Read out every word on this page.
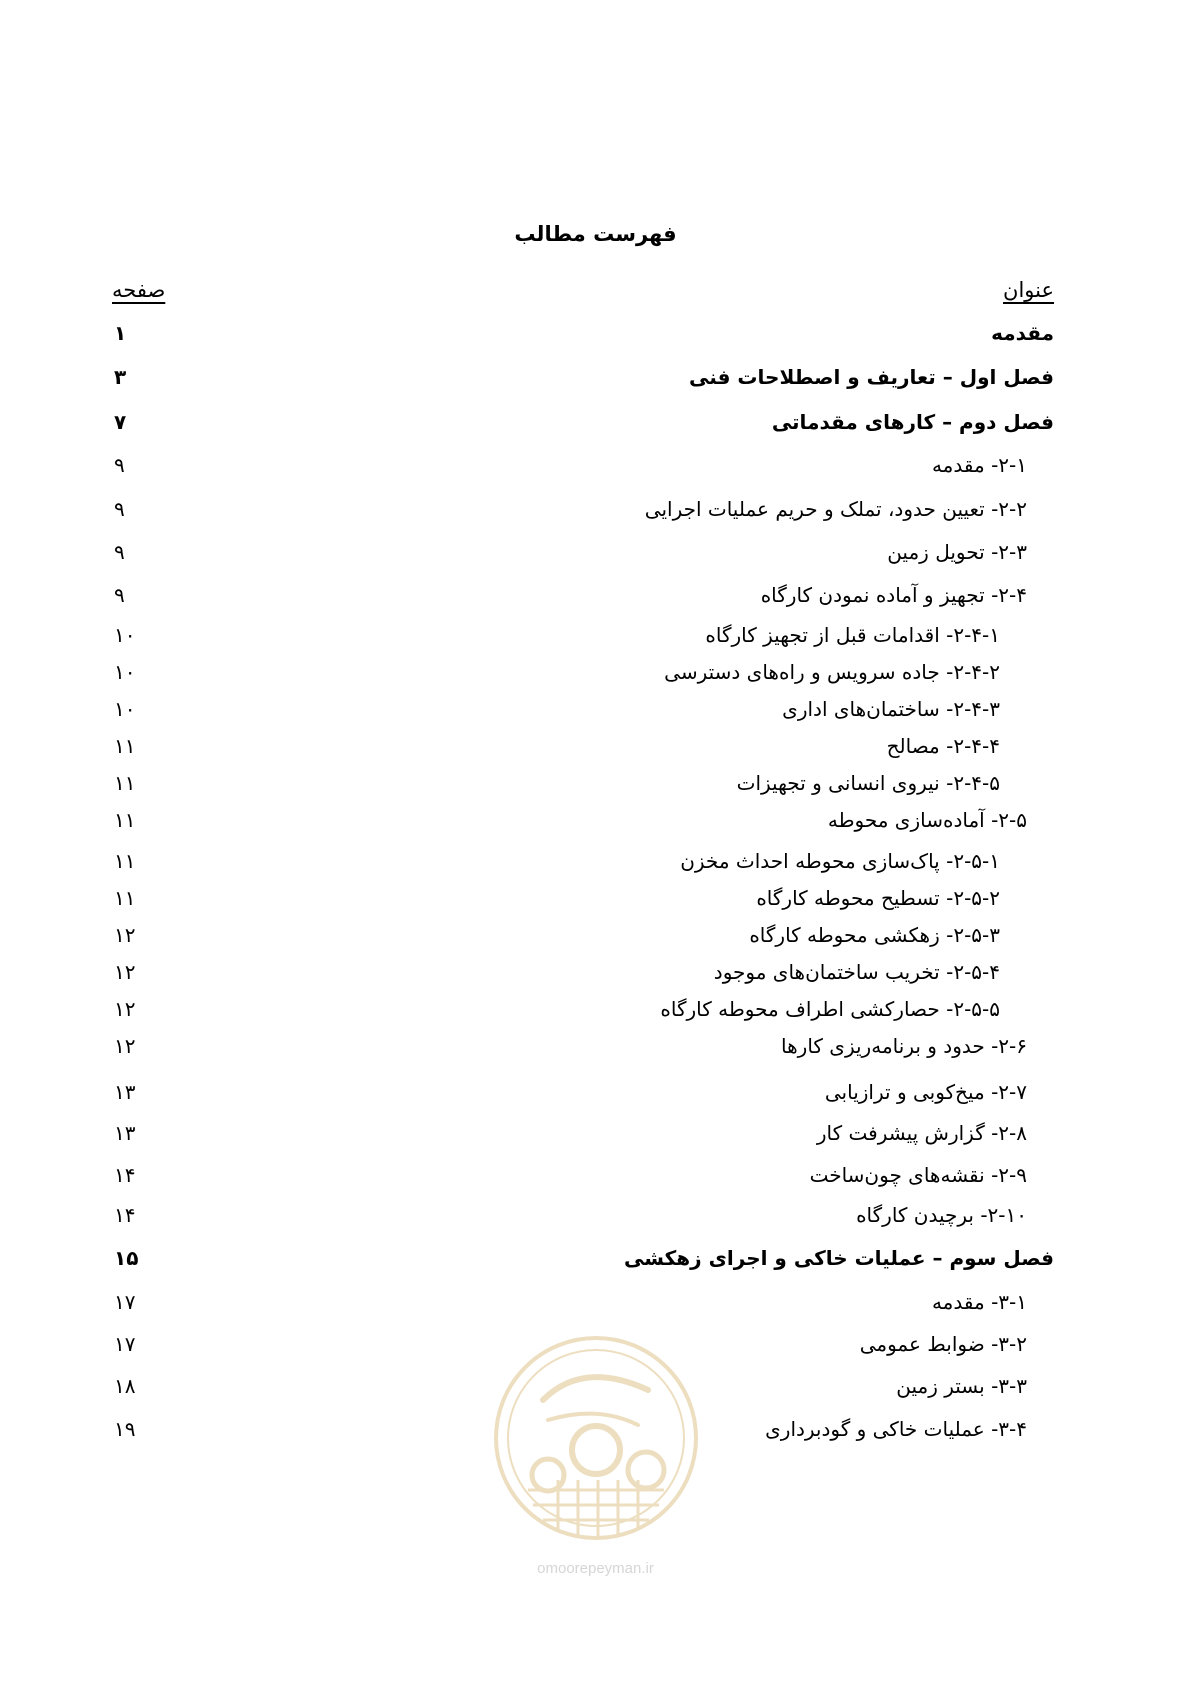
فهرست مطالب
عنوان
صفحه
مقدمه
۱
فصل اول – تعاریف و اصطلاحات فنی
۳
فصل دوم – کارهای مقدماتی
۷
۲-۱- مقدمه
۹
۲-۲- تعیین حدود، تملک و حریم عملیات اجرایی
۹
۲-۳- تحویل زمین
۹
۲-۴- تجهیز و آماده نمودن کارگاه
۹
۲-۴-۱- اقدامات قبل از تجهیز کارگاه
۱۰
۲-۴-۲- جاده سرویس و راه‌های دسترسی
۱۰
۲-۴-۳- ساختمان‌های اداری
۱۰
۲-۴-۴- مصالح
۱۱
۲-۴-۵- نیروی انسانی و تجهیزات
۱۱
۲-۵- آماده‌سازی محوطه
۱۱
۲-۵-۱- پاک‌سازی محوطه احداث مخزن
۱۱
۲-۵-۲- تسطیح محوطه کارگاه
۱۱
۲-۵-۳- زهکشی محوطه کارگاه
۱۲
۲-۵-۴- تخریب ساختمان‌های موجود
۱۲
۲-۵-۵- حصارکشی اطراف محوطه کارگاه
۱۲
۲-۶- حدود و برنامه‌ریزی کارها
۱۲
۲-۷- میخ‌کوبی و ترازیابی
۱۳
۲-۸- گزارش پیشرفت کار
۱۳
۲-۹- نقشه‌های چون‌ساخت
۱۴
۲-۱۰- برچیدن کارگاه
۱۴
فصل سوم – عملیات خاکی و اجرای زهکشی
۱۵
۳-۱- مقدمه
۱۷
۳-۲- ضوابط عمومی
۱۷
۳-۳- بستر زمین
۱۸
۳-۴- عملیات خاکی و گودبرداری
۱۹
omoorepeyman.ir
